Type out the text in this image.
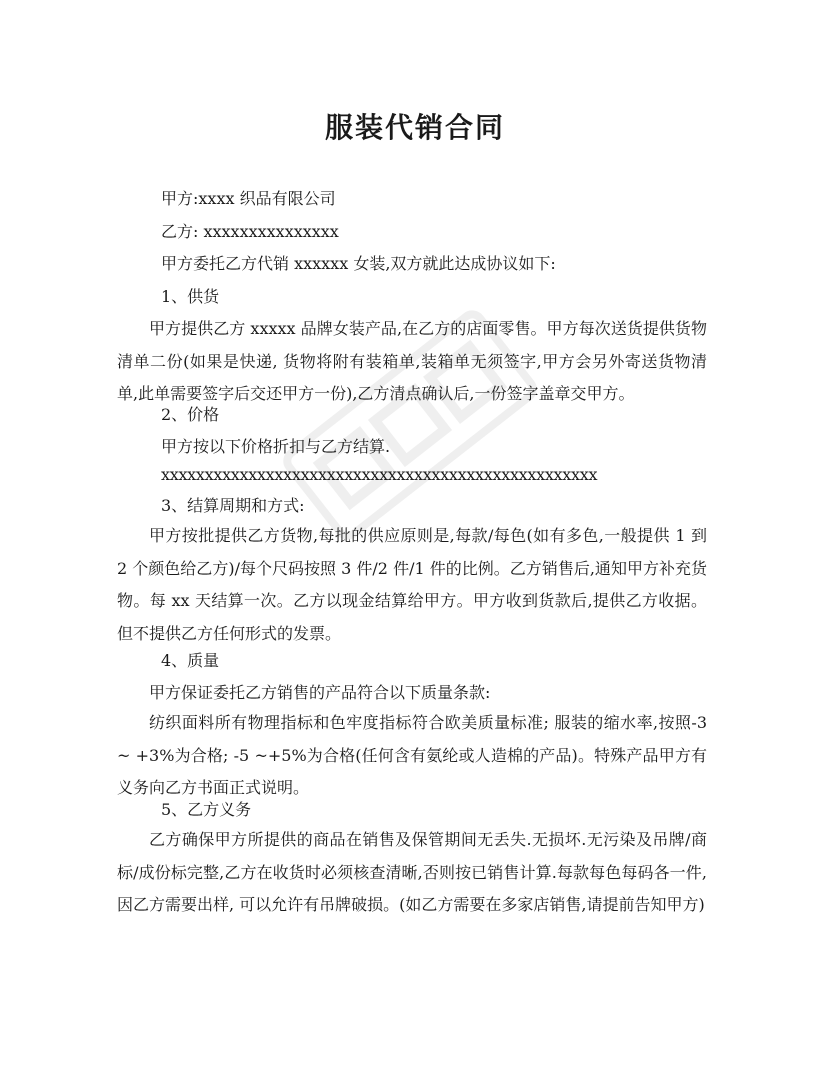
服装代销合同
甲方:xxxx 织品有限公司
乙方: xxxxxxxxxxxxxxx
甲方委托乙方代销 xxxxxx 女装,双方就此达成协议如下:
1、供货

甲方提供乙方 xxxxx 品牌女装产品,在乙方的店面零售。甲方每次送货提供货物清单二份(如果是快递, 货物将附有装箱单,装箱单无须签字,甲方会另外寄送货物清单,此单需要签字后交还甲方一份),乙方清点确认后,一份签字盖章交甲方。

2、价格
甲方按以下价格折扣与乙方结算.
xxxxxxxxxxxxxxxxxxxxxxxxxxxxxxxxxxxxxxxxxxxxxxxxxx
3、结算周期和方式:

甲方按批提供乙方货物,每批的供应原则是,每款/每色(如有多色,一般提供 1 到 2 个颜色给乙方)/每个尺码按照 3 件/2 件/1 件的比例。乙方销售后,通知甲方补充货物。每 xx 天结算一次。乙方以现金结算给甲方。甲方收到货款后,提供乙方收据。但不提供乙方任何形式的发票。

4、质量

甲方保证委托乙方销售的产品符合以下质量条款:

纺织面料所有物理指标和色牢度指标符合欧美质量标准; 服装的缩水率,按照-3 ~ +3%为合格; -5 ~+5%为合格(任何含有氨纶或人造棉的产品)。特殊产品甲方有义务向乙方书面正式说明。

5、乙方义务

乙方确保甲方所提供的商品在销售及保管期间无丢失.无损坏.无污染及吊牌/商标/成份标完整,乙方在收货时必须核查清晰,否则按已销售计算.每款每色每码各一件,因乙方需要出样, 可以允许有吊牌破损。(如乙方需要在多家店销售,请提前告知甲方)
